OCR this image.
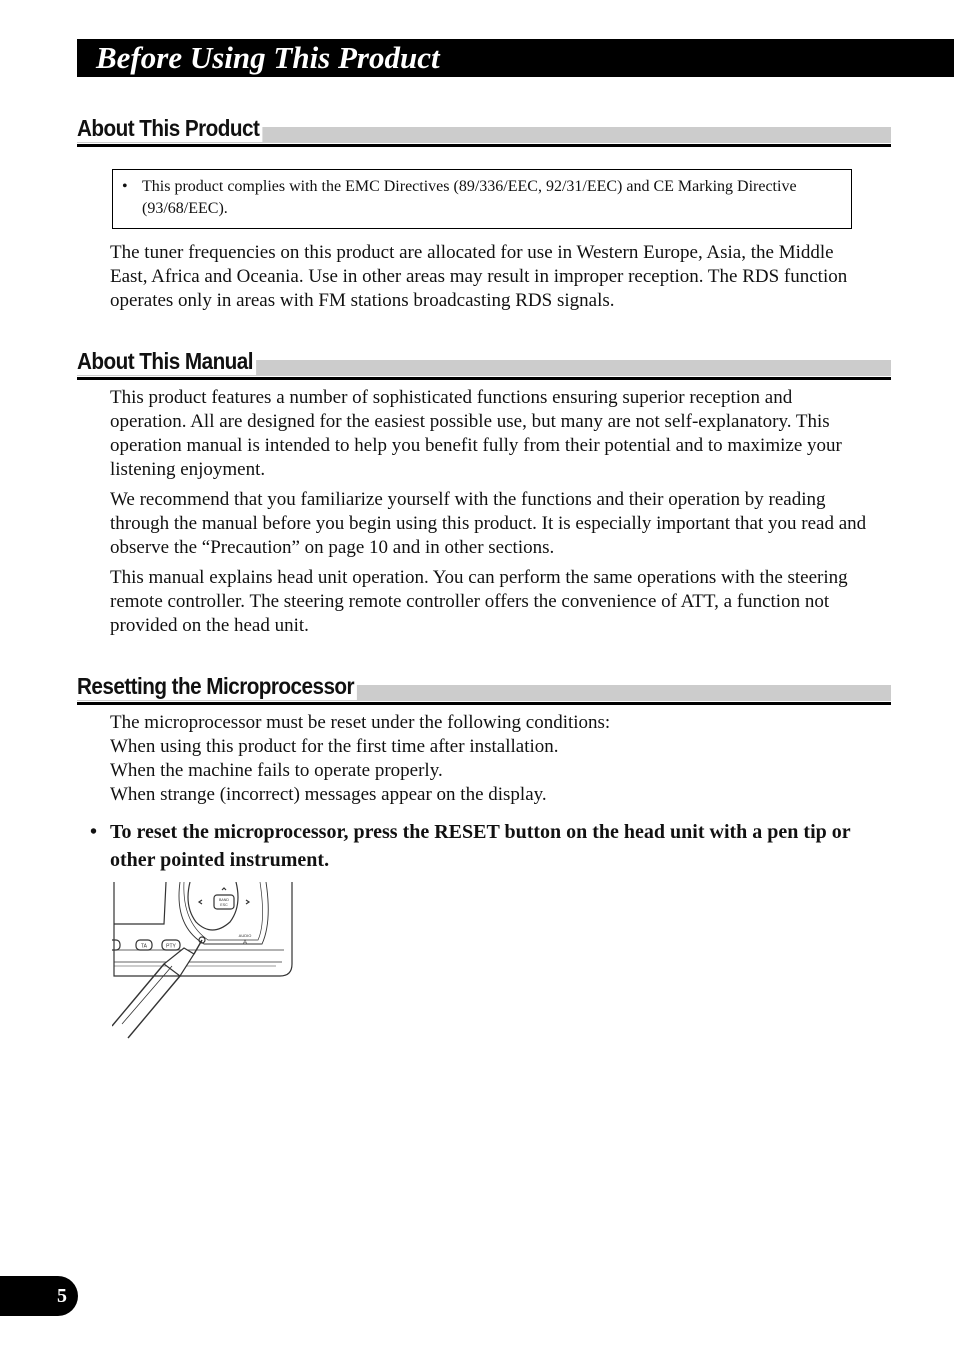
Before Using This Product
About This Product
• This product complies with the EMC Directives (89/336/EEC, 92/31/EEC) and CE Marking Directive (93/68/EEC).

The tuner frequencies on this product are allocated for use in Western Europe, Asia, the Middle East, Africa and Oceania. Use in other areas may result in improper reception. The RDS function operates only in areas with FM stations broadcasting RDS signals.

About This Manual

This product features a number of sophisticated functions ensuring superior reception and operation. All are designed for the easiest possible use, but many are not self-explanatory. This operation manual is intended to help you benefit fully from their potential and to maximize your listening enjoyment.

We recommend that you familiarize yourself with the functions and their operation by reading through the manual before you begin using this product. It is especially important that you read and observe the “Precaution” on page 10 and in other sections.

This manual explains head unit operation. You can perform the same operations with the steering remote controller. The steering remote controller offers the convenience of ATT, a function not provided on the head unit.

Resetting the Microprocessor

The microprocessor must be reset under the following conditions:

When using this product for the first time after installation.

When the machine fails to operate properly.

When strange (incorrect) messages appear on the display.

• To reset the microprocessor, press the RESET button on the head unit with a pen tip or other pointed instrument.
TA	PTY
BAND
ESC
AUDIO
A
5
